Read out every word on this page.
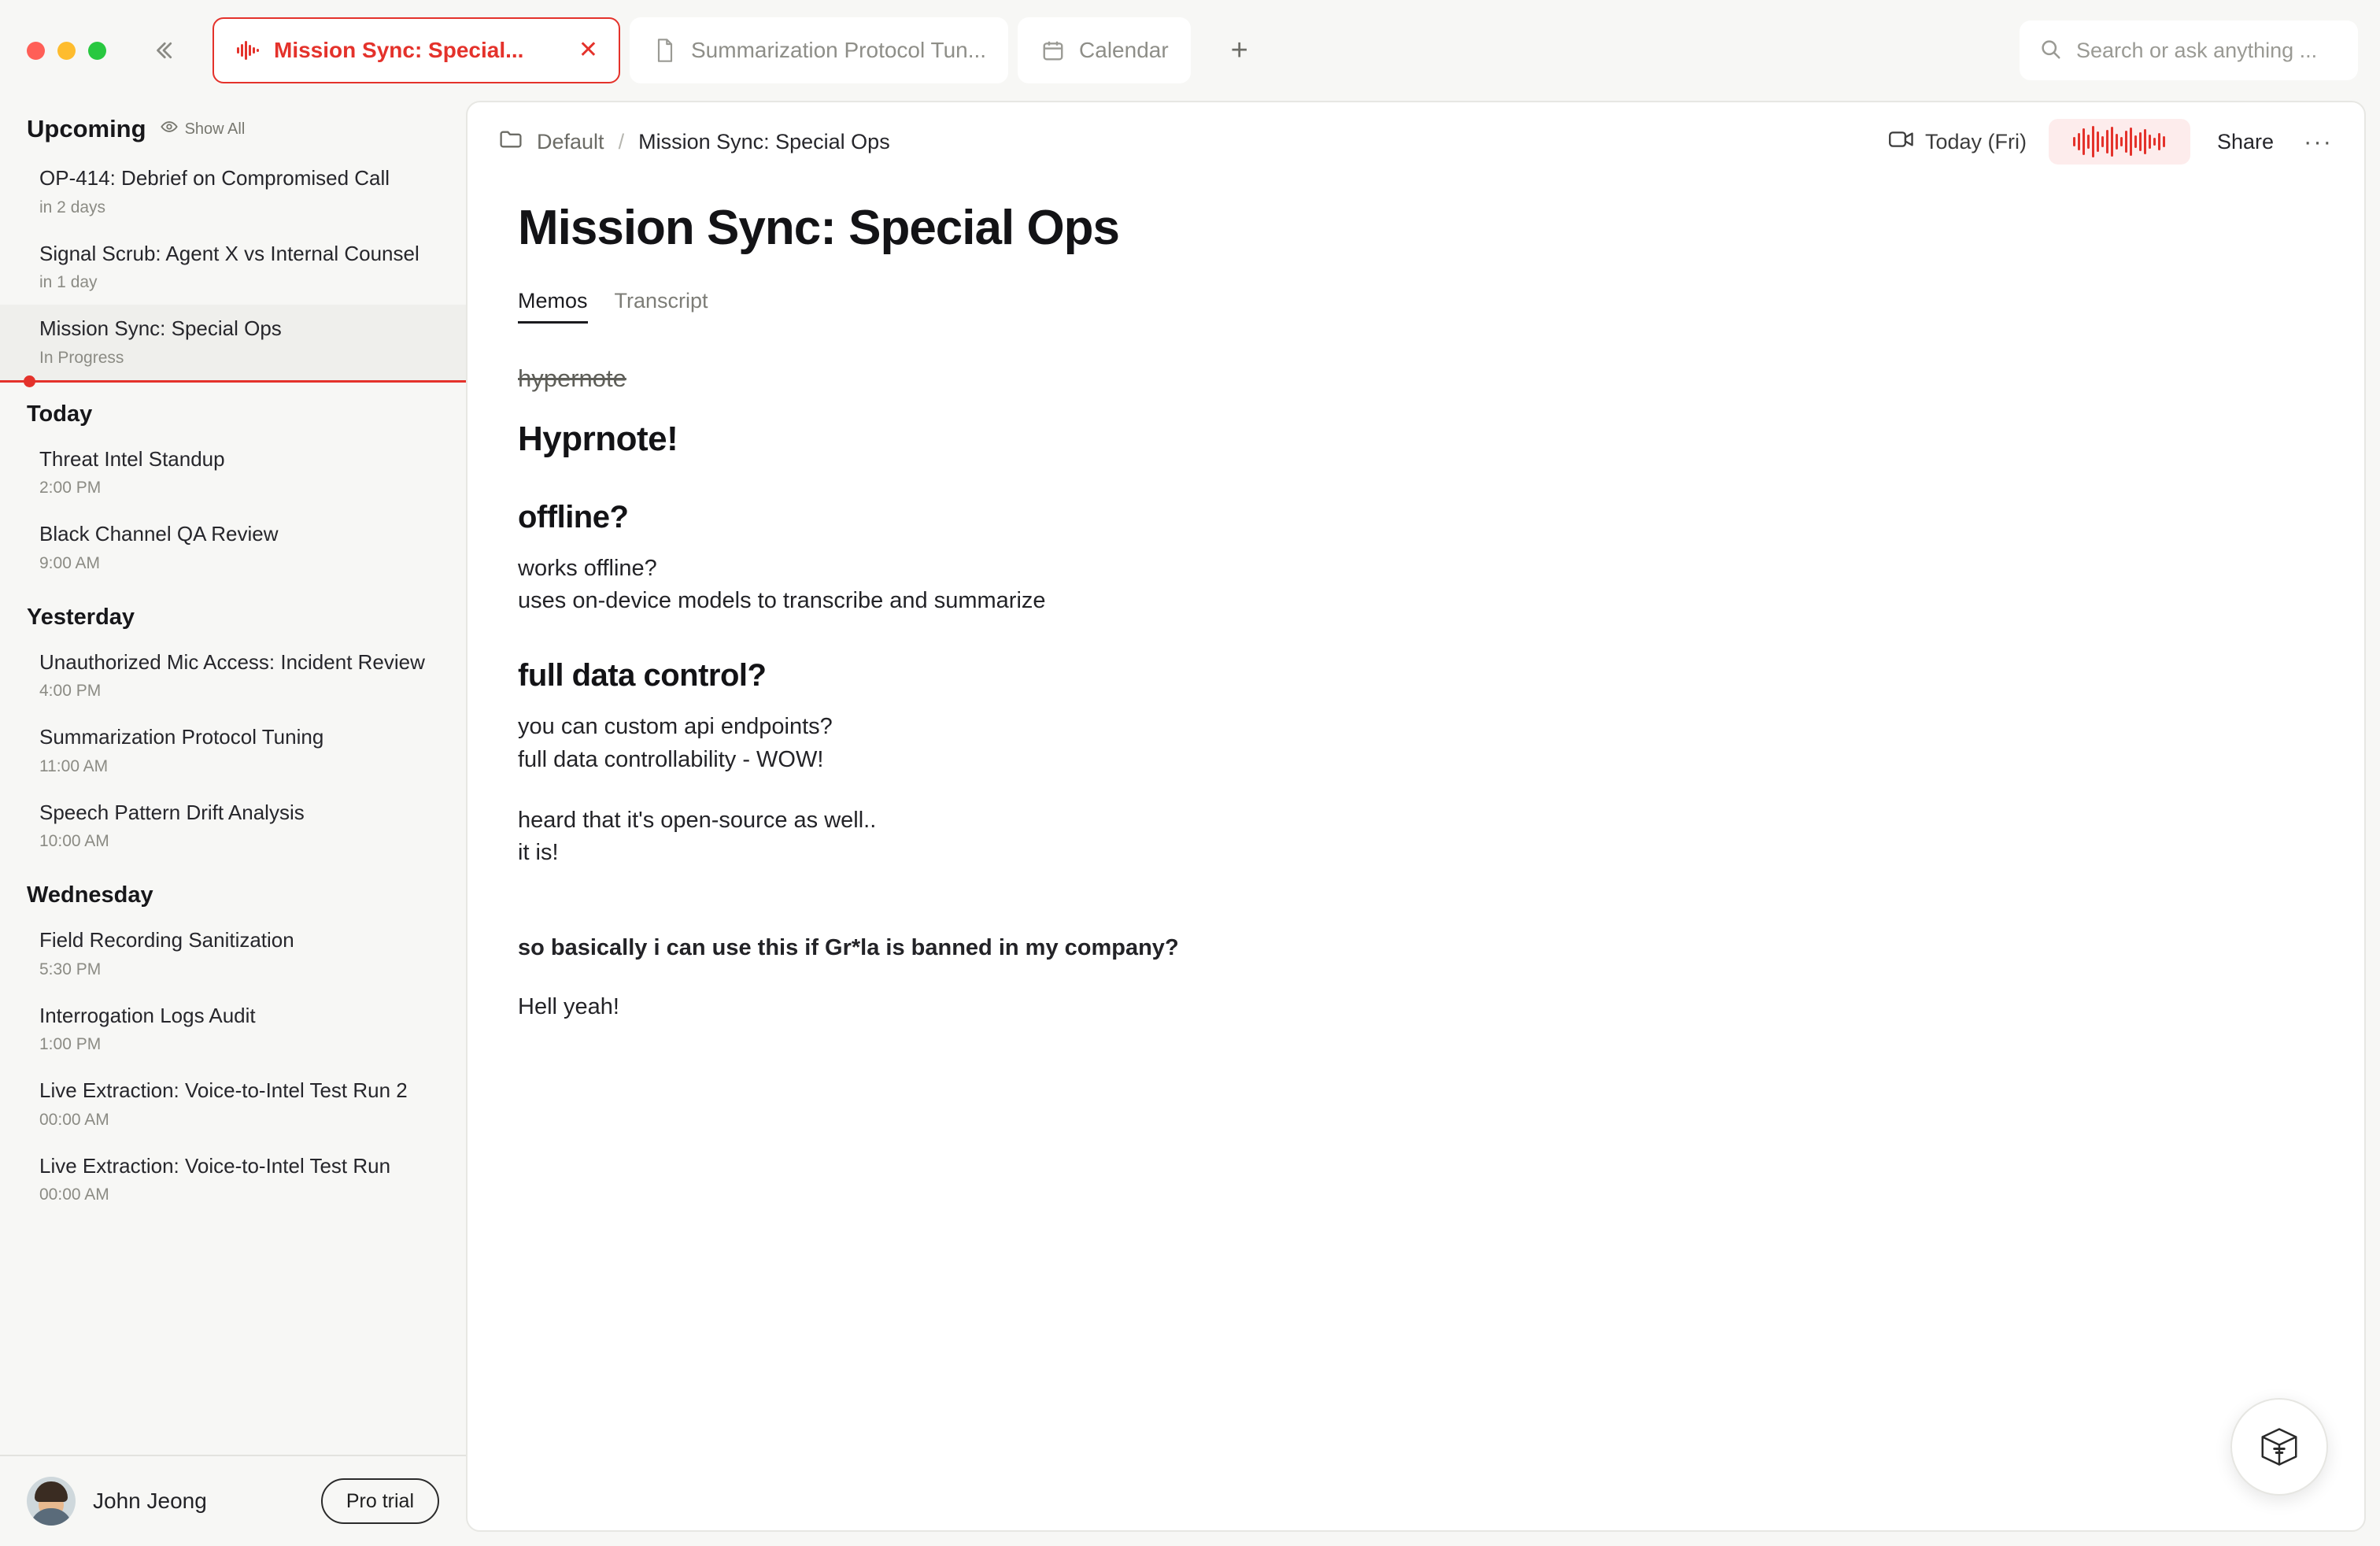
Mission Sync: Special...	✕	Summarization Protocol Tun...	Calendar	+	Search or ask anything ...
Upcoming Show All
OP-414: Debrief on Compromised Call
in 2 days
Signal Scrub: Agent X vs Internal Counsel
in 1 day
Mission Sync: Special Ops
In Progress
Today
Threat Intel Standup
2:00 PM
Black Channel QA Review
9:00 AM
Yesterday
Unauthorized Mic Access: Incident Review
4:00 PM
Summarization Protocol Tuning
11:00 AM
Speech Pattern Drift Analysis
10:00 AM
Wednesday
Field Recording Sanitization
5:30 PM
Interrogation Logs Audit
1:00 PM
Live Extraction: Voice-to-Intel Test Run 2
00:00 AM
Live Extraction: Voice-to-Intel Test Run
00:00 AM
John Jeong	Pro trial
Default / Mission Sync: Special Ops	Today (Fri)	Share ···
Mission Sync: Special Ops
Memos Transcript
hypernote
Hyprnote!
offline?
works offline?
uses on-device models to transcribe and summarize
full data control?
you can custom api endpoints?
full data controllability - WOW!
heard that it's open-source as well..
it is!
so basically i can use this if Gr*la is banned in my company?
Hell yeah!
